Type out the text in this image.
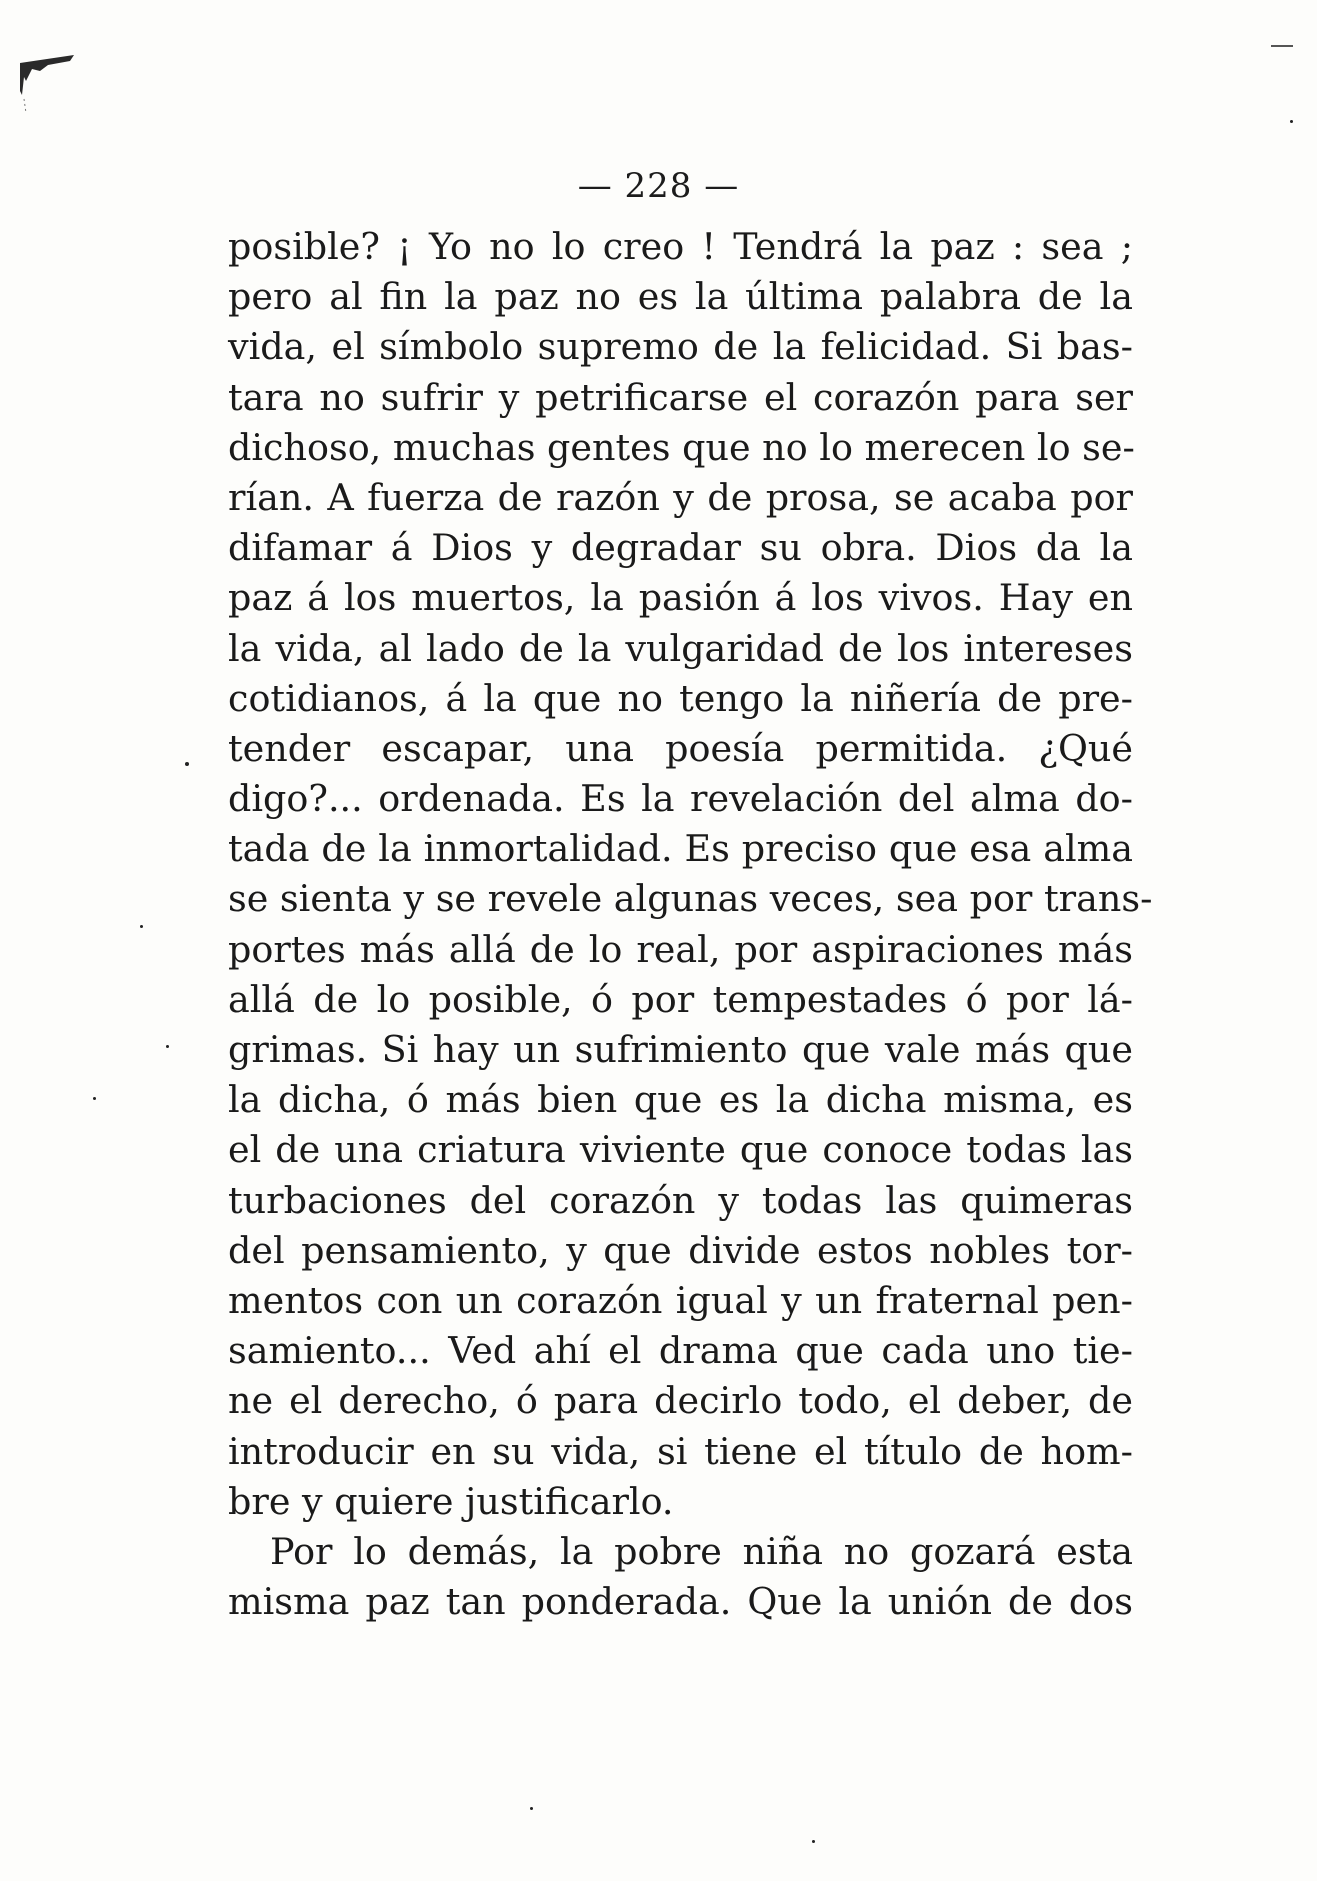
— 228 —
posible? ¡ Yo no lo creo ! Tendrá la paz : sea ;
pero al fin la paz no es la última palabra de la
vida, el símbolo supremo de la felicidad. Si bas-
tara no sufrir y petrificarse el corazón para ser
dichoso, muchas gentes que no lo merecen lo se-
rían. A fuerza de razón y de prosa, se acaba por
difamar á Dios y degradar su obra. Dios da la
paz á los muertos, la pasión á los vivos. Hay en
la vida, al lado de la vulgaridad de los intereses
cotidianos, á la que no tengo la niñería de pre-
tender escapar, una poesía permitida. ¿Qué
digo?... ordenada. Es la revelación del alma do-
tada de la inmortalidad. Es preciso que esa alma
se sienta y se revele algunas veces, sea por trans-
portes más allá de lo real, por aspiraciones más
allá de lo posible, ó por tempestades ó por lá-
grimas. Si hay un sufrimiento que vale más que
la dicha, ó más bien que es la dicha misma, es
el de una criatura viviente que conoce todas las
turbaciones del corazón y todas las quimeras
del pensamiento, y que divide estos nobles tor-
mentos con un corazón igual y un fraternal pen-
samiento... Ved ahí el drama que cada uno tie-
ne el derecho, ó para decirlo todo, el deber, de
introducir en su vida, si tiene el título de hom-
bre y quiere justificarlo.
Por lo demás, la pobre niña no gozará esta
misma paz tan ponderada. Que la unión de dos
